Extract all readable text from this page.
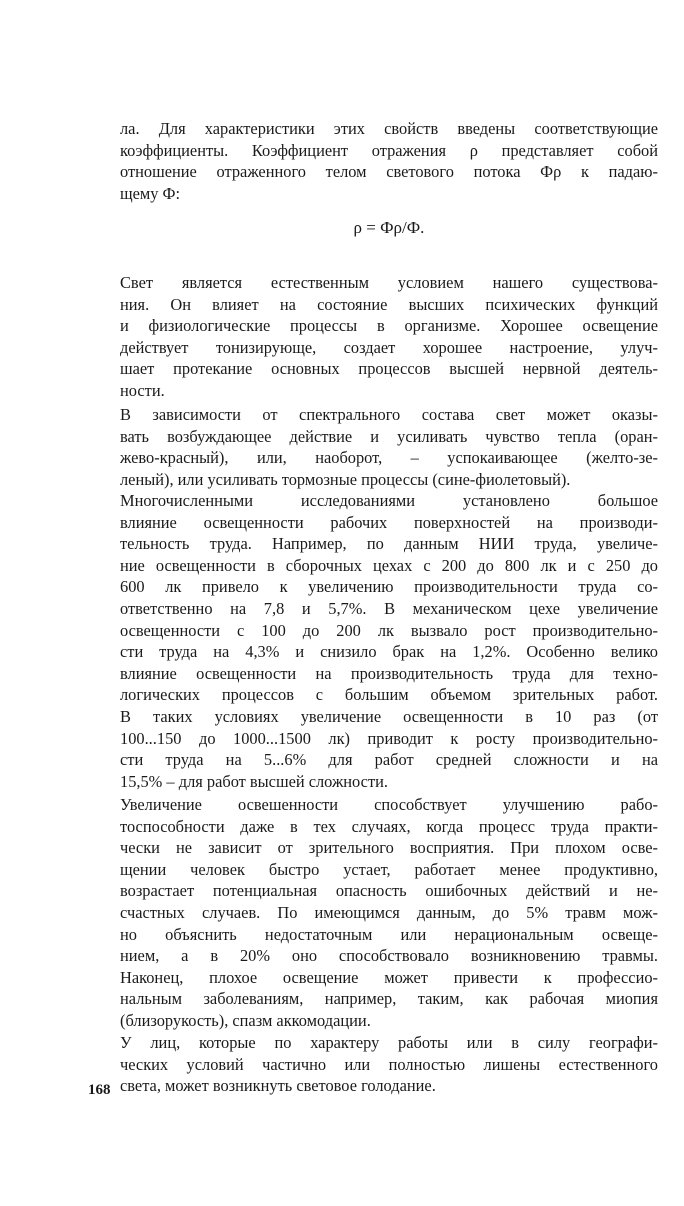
ла. Для характеристики этих свойств введены соответствующие
коэффициенты. Коэффициент отражения ρ представляет собой
отношение отраженного телом светового потока Фρ к падаю-
щему Ф:
ρ = Фρ/Ф.
Свет является естественным условием нашего существова-
ния. Он влияет на состояние высших психических функций
и физиологические процессы в организме. Хорошее освещение
действует тонизирующе, создает хорошее настроение, улуч-
шает протекание основных процессов высшей нервной деятель-
ности.
В зависимости от спектрального состава свет может оказы-
вать возбуждающее действие и усиливать чувство тепла (оран-
жево-красный), или, наоборот, – успокаивающее (желто-зе-
леный), или усиливать тормозные процессы (сине-фиолетовый).
Многочисленными исследованиями установлено большое
влияние освещенности рабочих поверхностей на производи-
тельность труда. Например, по данным НИИ труда, увеличе-
ние освещенности в сборочных цехах с 200 до 800 лк и с 250 до
600 лк привело к увеличению производительности труда со-
ответственно на 7,8 и 5,7%. В механическом цехе увеличение
освещенности с 100 до 200 лк вызвало рост производительно-
сти труда на 4,3% и снизило брак на 1,2%. Особенно велико
влияние освещенности на производительность труда для техно-
логических процессов с большим объемом зрительных работ.
В таких условиях увеличение освещенности в 10 раз (от
100...150 до 1000...1500 лк) приводит к росту производительно-
сти труда на 5...6% для работ средней сложности и на
15,5% – для работ высшей сложности.
Увеличение освешенности способствует улучшению рабо-
тоспособности даже в тех случаях, когда процесс труда практи-
чески не зависит от зрительного восприятия. При плохом осве-
щении человек быстро устает, работает менее продуктивно,
возрастает потенциальная опасность ошибочных действий и не-
счастных случаев. По имеющимся данным, до 5% травм мож-
но объяснить недостаточным или нерациональным освеще-
нием, а в 20% оно способствовало возникновению травмы.
Наконец, плохое освещение может привести к профессио-
нальным заболеваниям, например, таким, как рабочая миопия
(близорукость), спазм аккомодации.
У лиц, которые по характеру работы или в силу географи-
ческих условий частично или полностью лишены естественного
света, может возникнуть световое голодание.
168
